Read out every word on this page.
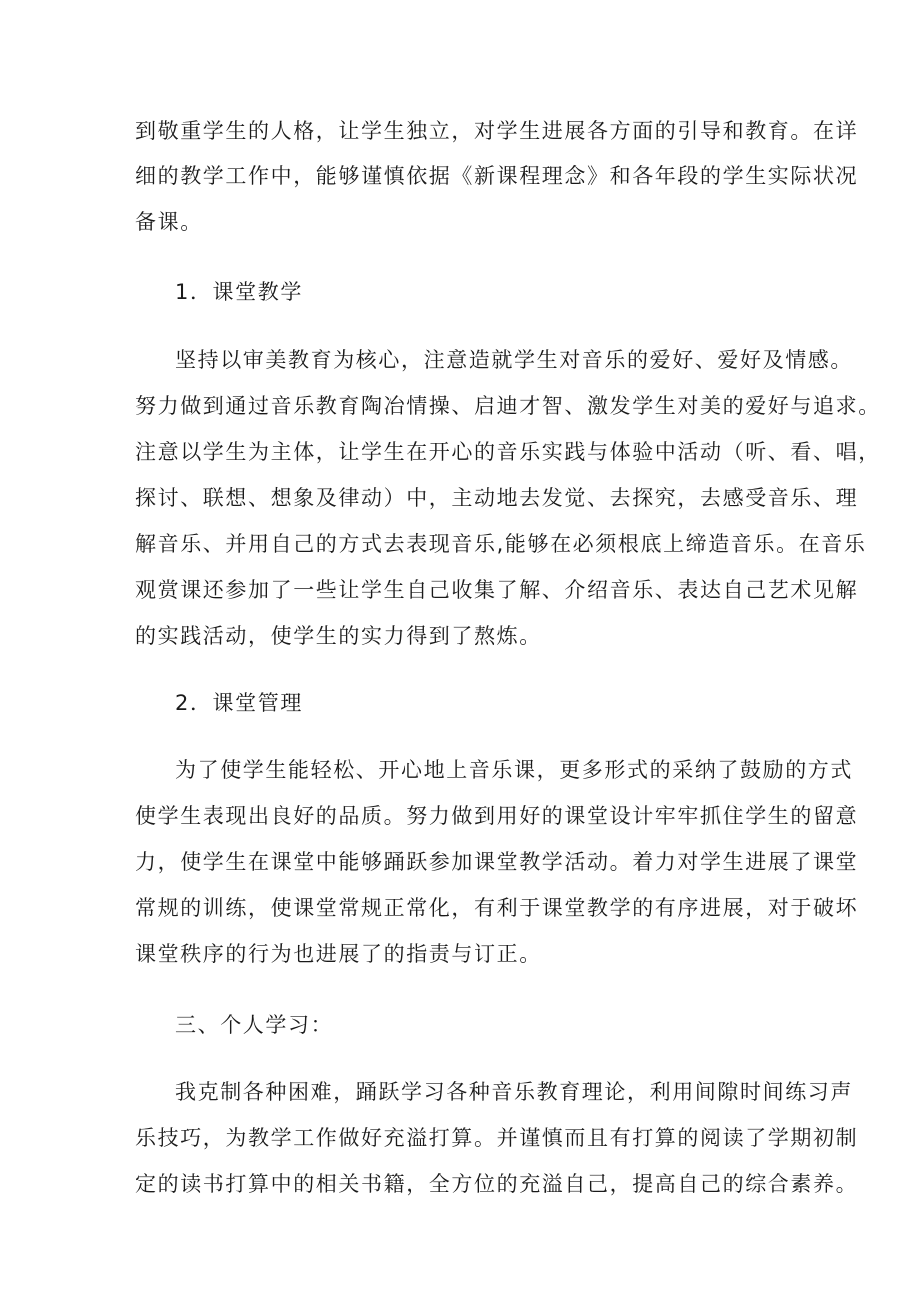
到敬重学生的人格，让学生独立，对学生进展各方面的引导和教育。在详

细的教学工作中，能够谨慎依据《新课程理念》和各年段的学生实际状况

备课。

1．课堂教学

坚持以审美教育为核心，注意造就学生对音乐的爱好、爱好及情感。

努力做到通过音乐教育陶冶情操、启迪才智、激发学生对美的爱好与追求。

注意以学生为主体，让学生在开心的音乐实践与体验中活动（听、看、唱，

探讨、联想、想象及律动）中，主动地去发觉、去探究，去感受音乐、理

解音乐、并用自己的方式去表现音乐,能够在必须根底上缔造音乐。在音乐

观赏课还参加了一些让学生自己收集了解、介绍音乐、表达自己艺术见解

的实践活动，使学生的实力得到了熬炼。

2．课堂管理

为了使学生能轻松、开心地上音乐课，更多形式的采纳了鼓励的方式

使学生表现出良好的品质。努力做到用好的课堂设计牢牢抓住学生的留意

力，使学生在课堂中能够踊跃参加课堂教学活动。着力对学生进展了课堂

常规的训练，使课堂常规正常化，有利于课堂教学的有序进展，对于破坏

课堂秩序的行为也进展了的指责与订正。

三、个人学习：

我克制各种困难，踊跃学习各种音乐教育理论，利用间隙时间练习声

乐技巧，为教学工作做好充溢打算。并谨慎而且有打算的阅读了学期初制

定的读书打算中的相关书籍，全方位的充溢自己，提高自己的综合素养。
